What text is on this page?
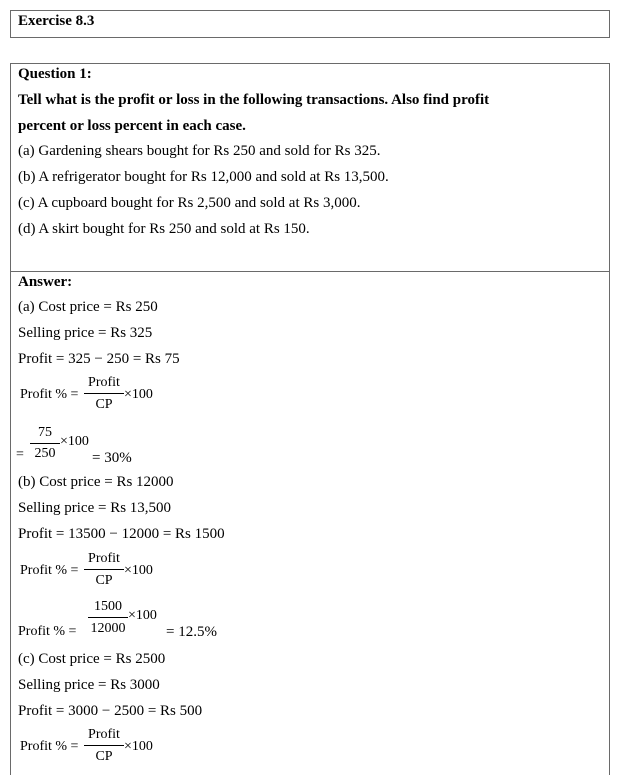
Exercise 8.3
Question 1:
Tell what is the profit or loss in the following transactions. Also find profit
percent or loss percent in each case.
(a) Gardening shears bought for Rs 250 and sold for Rs 325.
(b) A refrigerator bought for Rs 12,000 and sold at Rs 13,500.
(c) A cupboard bought for Rs 2,500 and sold at Rs 3,000.
(d) A skirt bought for Rs 250 and sold at Rs 150.
Answer:
(a) Cost price = Rs 250
Selling price = Rs 325
Profit = 325 − 250 = Rs 75
Profit % =
Profit
CP
×100
=
75
250
×100
= 30%
(b) Cost price = Rs 12000
Selling price = Rs 13,500
Profit = 13500 − 12000 = Rs 1500
Profit % =
Profit
CP
×100
Profit % =
1500
12000
×100
= 12.5%
(c) Cost price = Rs 2500
Selling price = Rs 3000
Profit = 3000 − 2500 = Rs 500
Profit % =
Profit
CP
×100
